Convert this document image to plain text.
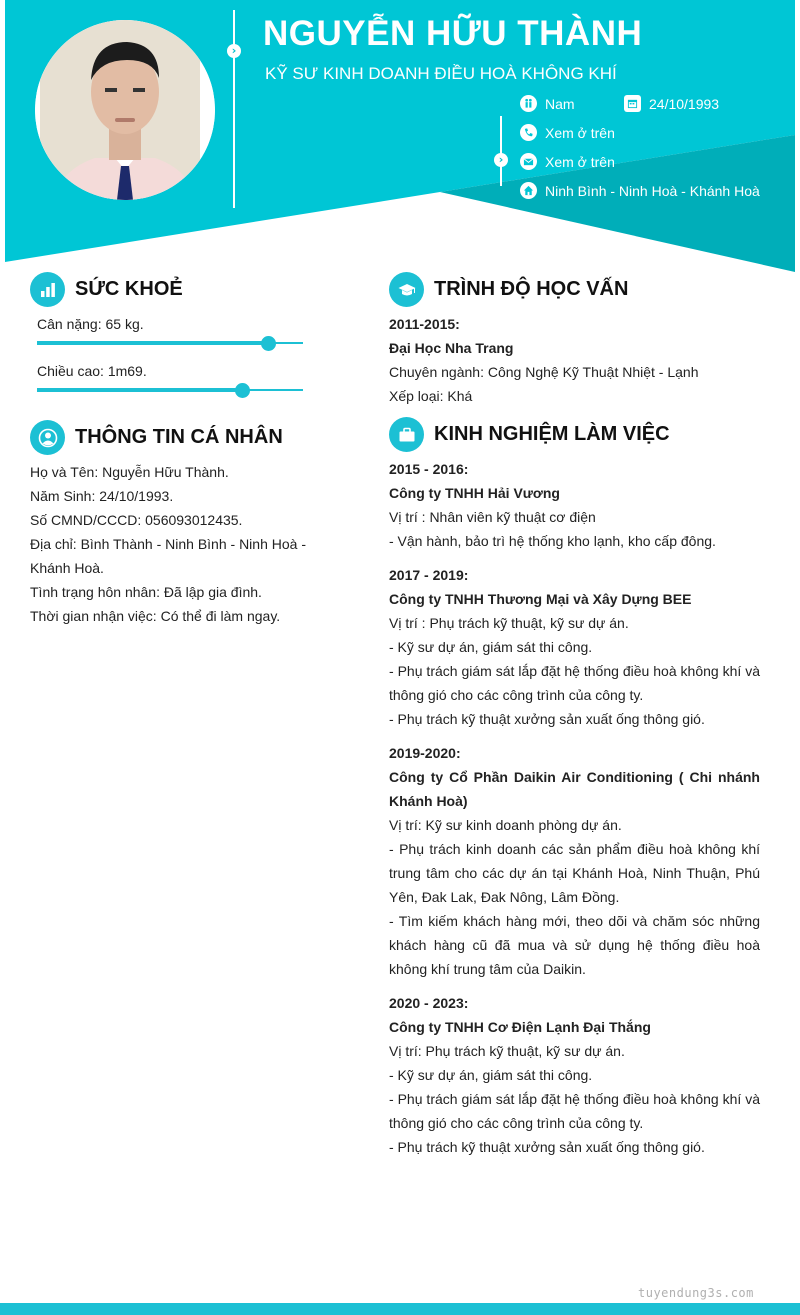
›
›
NGUYỄN HỮU THÀNH
KỸ SƯ KINH DOANH ĐIỀU HOÀ KHÔNG KHÍ
Nam	24/10/1993
Xem ở trên
Xem ở trên
Ninh Bình - Ninh Hoà - Khánh Hoà
SỨC KHOẺ
Cân nặng: 65 kg.
Chiều cao: 1m69.
THÔNG TIN CÁ NHÂN

Họ và Tên: Nguyễn Hữu Thành.

Năm Sinh: 24/10/1993.

Số CMND/CCCD: 056093012435.

Địa chỉ: Bình Thành - Ninh Bình - Ninh Hoà -

Khánh Hoà.

Tình trạng hôn nhân: Đã lập gia đình.

Thời gian nhận việc: Có thể đi làm ngay.

TRÌNH ĐỘ HỌC VẤN

2011-2015:

Đại Học Nha Trang

Chuyên ngành: Công Nghệ Kỹ Thuật Nhiệt - Lạnh

Xếp loại: Khá

KINH NGHIỆM LÀM VIỆC

2015 - 2016:

Công ty TNHH Hải Vương

Vị trí : Nhân viên kỹ thuật cơ điện

- Vận hành, bảo trì hệ thống kho lạnh, kho cấp đông.

2017 - 2019:

Công ty TNHH Thương Mại và Xây Dựng BEE

Vị trí : Phụ trách kỹ thuật, kỹ sư dự án.

- Kỹ sư dự án, giám sát thi công.

- Phụ trách giám sát lắp đặt hệ thống điều hoà không khí và thông gió cho các công trình của công ty.

- Phụ trách kỹ thuật xưởng sản xuất ống thông gió.

2019-2020:

Công ty Cổ Phần Daikin Air Conditioning ( Chi nhánh Khánh Hoà)

Vị trí: Kỹ sư kinh doanh phòng dự án.

- Phụ trách kinh doanh các sản phẩm điều hoà không khí trung tâm cho các dự án tại Khánh Hoà, Ninh Thuận, Phú Yên, Đak Lak, Đak Nông, Lâm Đồng.

- Tìm kiếm khách hàng mới, theo dõi và chăm sóc những khách hàng cũ đã mua và sử dụng hệ thống điều hoà không khí trung tâm của Daikin.

2020 - 2023:

Công ty TNHH Cơ Điện Lạnh Đại Thắng

Vị trí: Phụ trách kỹ thuật, kỹ sư dự án.

- Kỹ sư dự án, giám sát thi công.

- Phụ trách giám sát lắp đặt hệ thống điều hoà không khí và thông gió cho các công trình của công ty.

- Phụ trách kỹ thuật xưởng sản xuất ống thông gió.

tuyendung3s.com
